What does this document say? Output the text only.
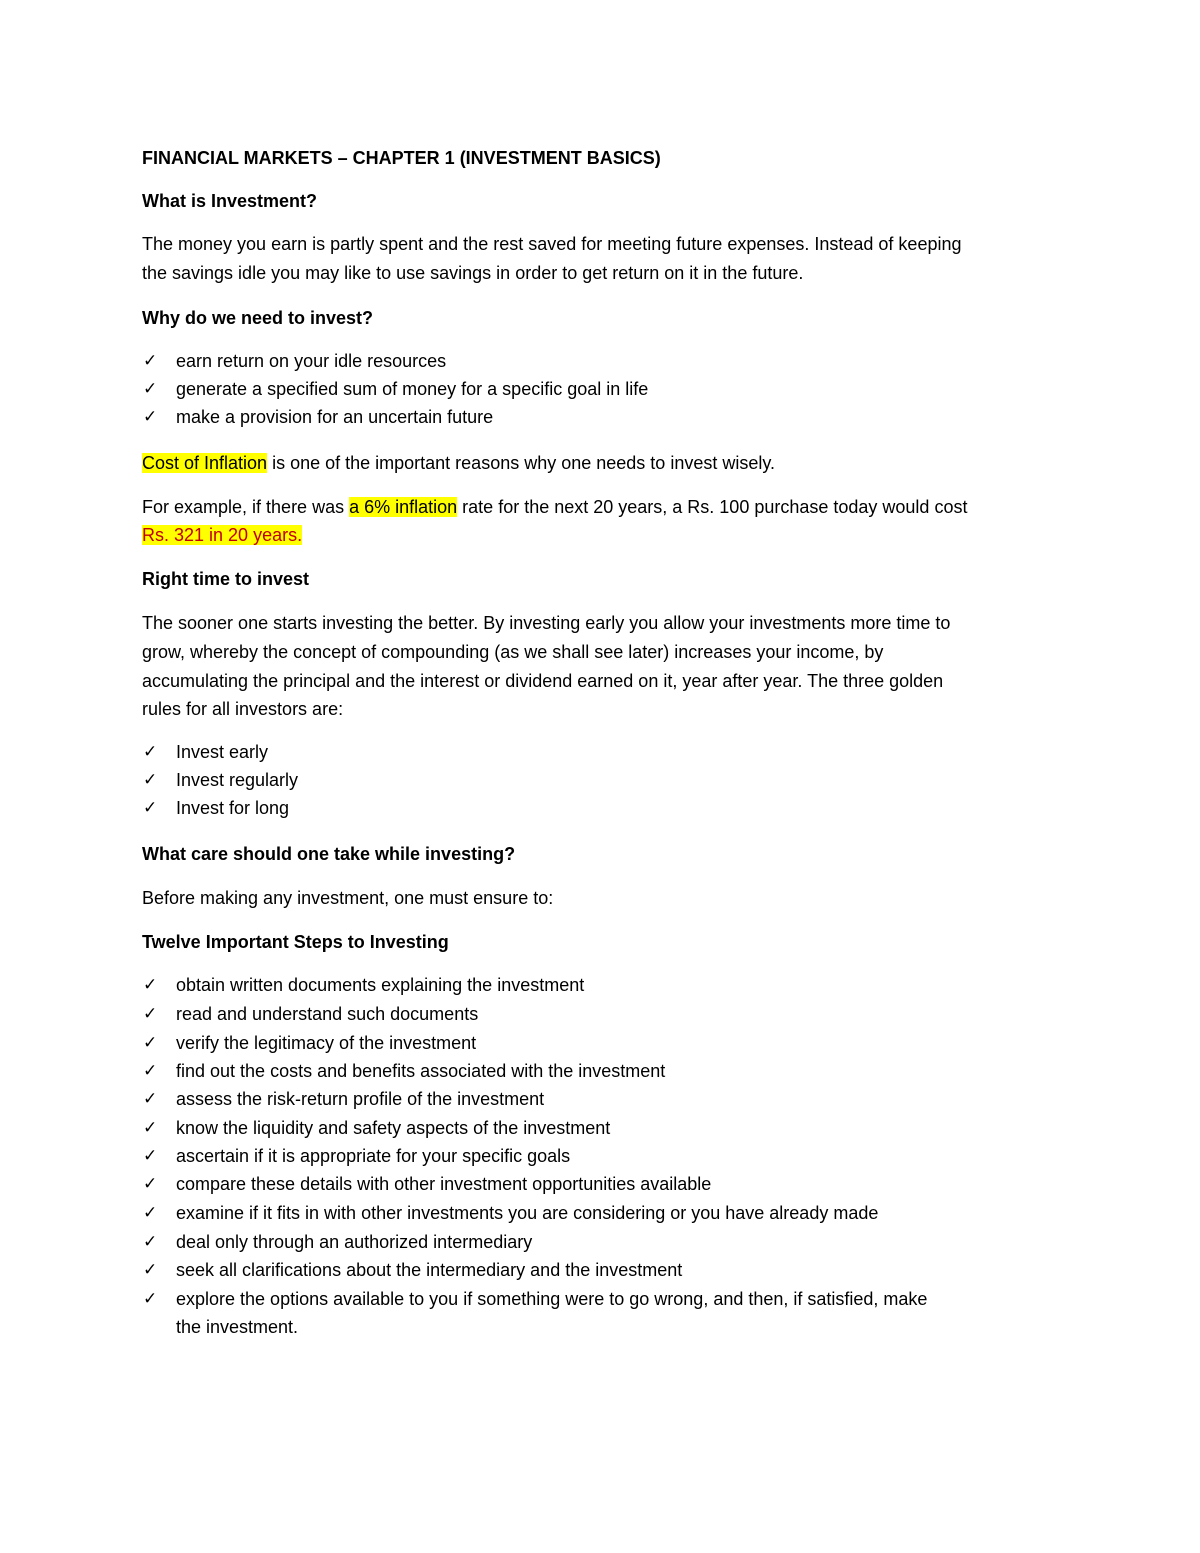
FINANCIAL MARKETS – CHAPTER 1 (INVESTMENT BASICS)
What is Investment?
The money you earn is partly spent and the rest saved for meeting future expenses. Instead of keeping
the savings idle you may like to use savings in order to get return on it in the future.
Why do we need to invest?
✓	earn return on your idle resources
✓	generate a specified sum of money for a specific goal in life
✓	make a provision for an uncertain future
Cost of Inflation is one of the important reasons why one needs to invest wisely.
For example, if there was a 6% inflation rate for the next 20 years, a Rs. 100 purchase today would cost
Rs. 321 in 20 years.
Right time to invest
The sooner one starts investing the better. By investing early you allow your investments more time to
grow, whereby the concept of compounding (as we shall see later) increases your income, by
accumulating the principal and the interest or dividend earned on it, year after year. The three golden
rules for all investors are:
✓	Invest early
✓	Invest regularly
✓	Invest for long
What care should one take while investing?
Before making any investment, one must ensure to:
Twelve Important Steps to Investing
✓	obtain written documents explaining the investment
✓	read and understand such documents
✓	verify the legitimacy of the investment
✓	find out the costs and benefits associated with the investment
✓	assess the risk-return profile of the investment
✓	know the liquidity and safety aspects of the investment
✓	ascertain if it is appropriate for your specific goals
✓	compare these details with other investment opportunities available
✓	examine if it fits in with other investments you are considering or you have already made
✓	deal only through an authorized intermediary
✓	seek all clarifications about the intermediary and the investment
✓	explore the options available to you if something were to go wrong, and then, if satisfied, make
the investment.
